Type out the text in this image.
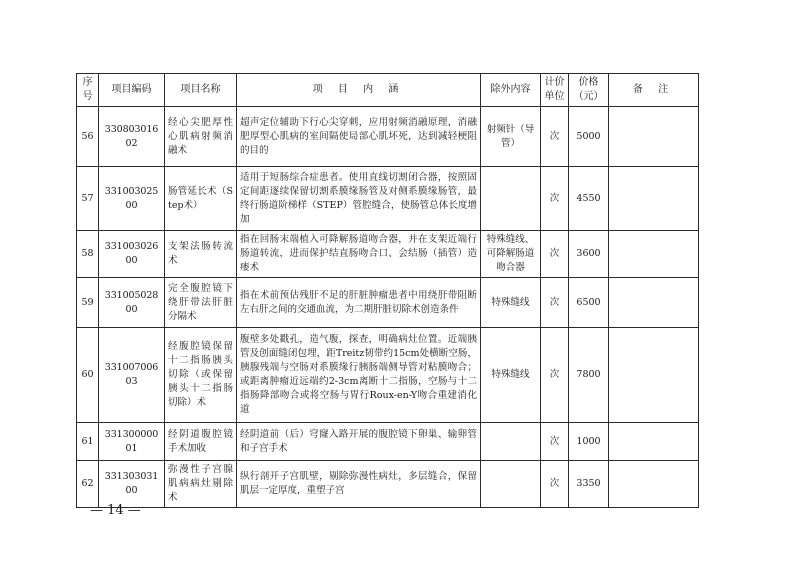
序号	项目编码	项目名称	项 目 内 涵	除外内容	计价单位	价格（元）	备 注
56	33080301602	经心尖肥厚性心肌病射频消融术	超声定位辅助下行心尖穿刺，应用射频消融原理，消融肥厚型心肌病的室间隔使局部心肌坏死，达到减轻梗阻的目的	射频针（导管）	次	5000	
57	33100302500	肠管延长术（Step术）	适用于短肠综合症患者。使用直线切割闭合器，按照固定间距逐续保留切割系膜缘肠管及对侧系膜缘肠管，最终行肠道阶梯样（STEP）管腔缝合，使肠管总体长度增加		次	4550	
58	33100302600	支架法肠转流术	指在回肠末端植入可降解肠道吻合器，并在支架近端行肠道转流，进而保护结直肠吻合口、会结肠（插管）造瘘术	特殊缝线、可降解肠道吻合器	次	3600	
59	33100502800	完全腹腔镜下绕肝带法肝脏分隔术	指在术前预估残肝不足的肝脏肿瘤患者中用绕肝带阻断左右肝之间的交通血流，为二期肝脏切除术创造条件	特殊缝线	次	6500	
60	33100700603	经腹腔镜保留十二指肠胰头切除（或保留胰头十二指肠切除）术	腹壁多处戳孔，造气腹，探查，明确病灶位置。近端胰管及创面缝闭包埋，距Treitz韧带约15cm处横断空肠，胰腺残端与空肠对系膜缘行胰肠端侧导管对粘膜吻合；或距离肿瘤近远端约2-3cm离断十二指肠，空肠与十二指肠降部吻合或将空肠与胃行Roux-en-Y吻合重建消化道	特殊缝线	次	7800	
61	33130000001	经阴道腹腔镜手术加收	经阴道前（后）穹窿入路开展的腹腔镜下卵巢、输卵管和子宫手术		次	1000	
62	33130303100	弥漫性子宫腺肌病病灶剔除术	纵行剖开子宫肌壁，剔除弥漫性病灶，多层缝合，保留肌层一定厚度，重塑子宫		次	3350	
— 14 —
